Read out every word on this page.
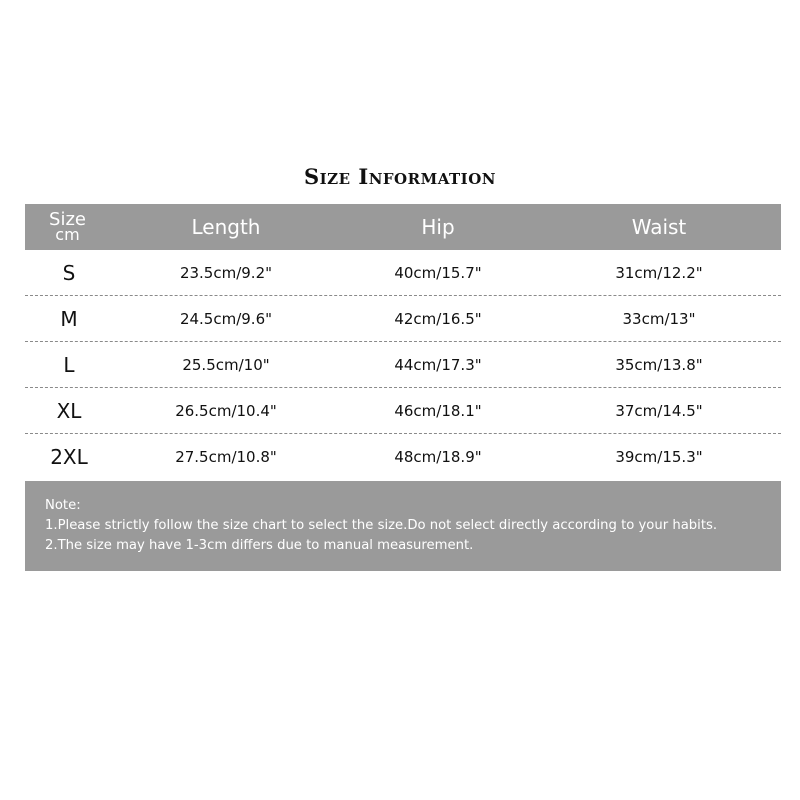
Size Information
Size
cm	Length	Hip	Waist
S	23.5cm/9.2"	40cm/15.7"	31cm/12.2"
M	24.5cm/9.6"	42cm/16.5"	33cm/13"
L	25.5cm/10"	44cm/17.3"	35cm/13.8"
XL	26.5cm/10.4"	46cm/18.1"	37cm/14.5"
2XL	27.5cm/10.8"	48cm/18.9"	39cm/15.3"
Note:
1.Please strictly follow the size chart to select the size.Do not select directly according to your habits.
2.The size may have 1-3cm differs due to manual measurement.
